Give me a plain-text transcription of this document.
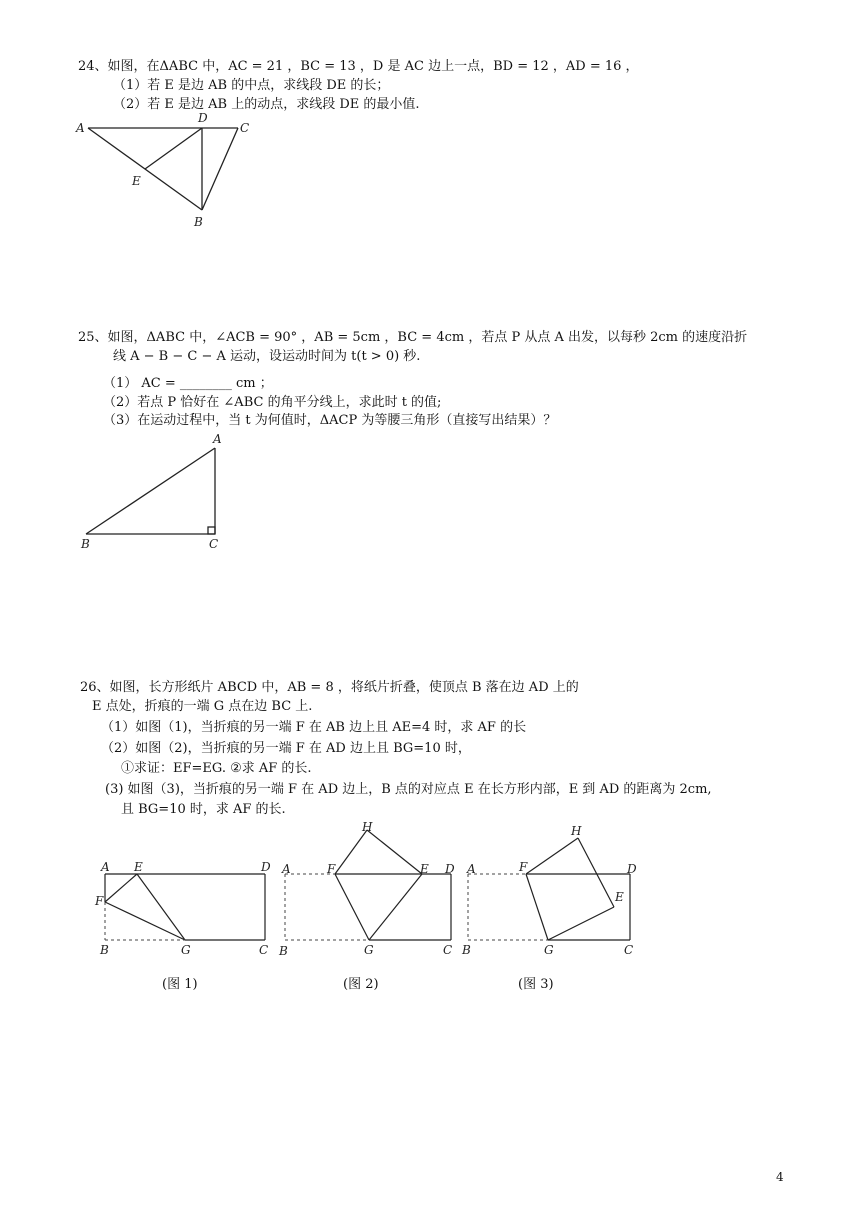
24、如图，在ΔABC 中，AC = 21 ，BC = 13 ，D 是 AC 边上一点，BD = 12 ，AD = 16 ，
（1）若 E 是边 AB 的中点，求线段 DE 的长；
（2）若 E 是边 AB 上的动点，求线段 DE 的最小值.
A
D
C
E
B
25、如图，ΔABC 中，∠ACB = 90° ，AB = 5cm ，BC = 4cm ，若点 P 从点 A 出发，以每秒 2cm 的速度沿折
线 A − B − C − A 运动，设运动时间为 t(t > 0) 秒.
（1） AC = ________ cm ；
（2）若点 P 恰好在 ∠ABC 的角平分线上，求此时 t 的值;
（3）在运动过程中，当 t 为何值时，ΔACP 为等腰三角形（直接写出结果）？
A
B	C
26、如图，长方形纸片 ABCD 中，AB = 8 ，将纸片折叠，使顶点 B 落在边 AD 上的
E 点处，折痕的一端 G 点在边 BC 上.
（1）如图（1)，当折痕的另一端 F 在 AB 边上且 AE=4 时，求 AF 的长
（2）如图（2)，当折痕的另一端 F 在 AD 边上且 BG=10 时，
①求证：EF=EG. ②求 AF 的长.
(3) 如图（3)，当折痕的另一端 F 在 AD 边上，B 点的对应点 E 在长方形内部，E 到 AD 的距离为 2cm,
且 BG=10 时，求 AF 的长.
A E	D
F
B	G	C
H
A	F	E D
B	G	C
H
A	F	D
E
B	G	C
(图 1)	(图 2)	(图 3)
4
